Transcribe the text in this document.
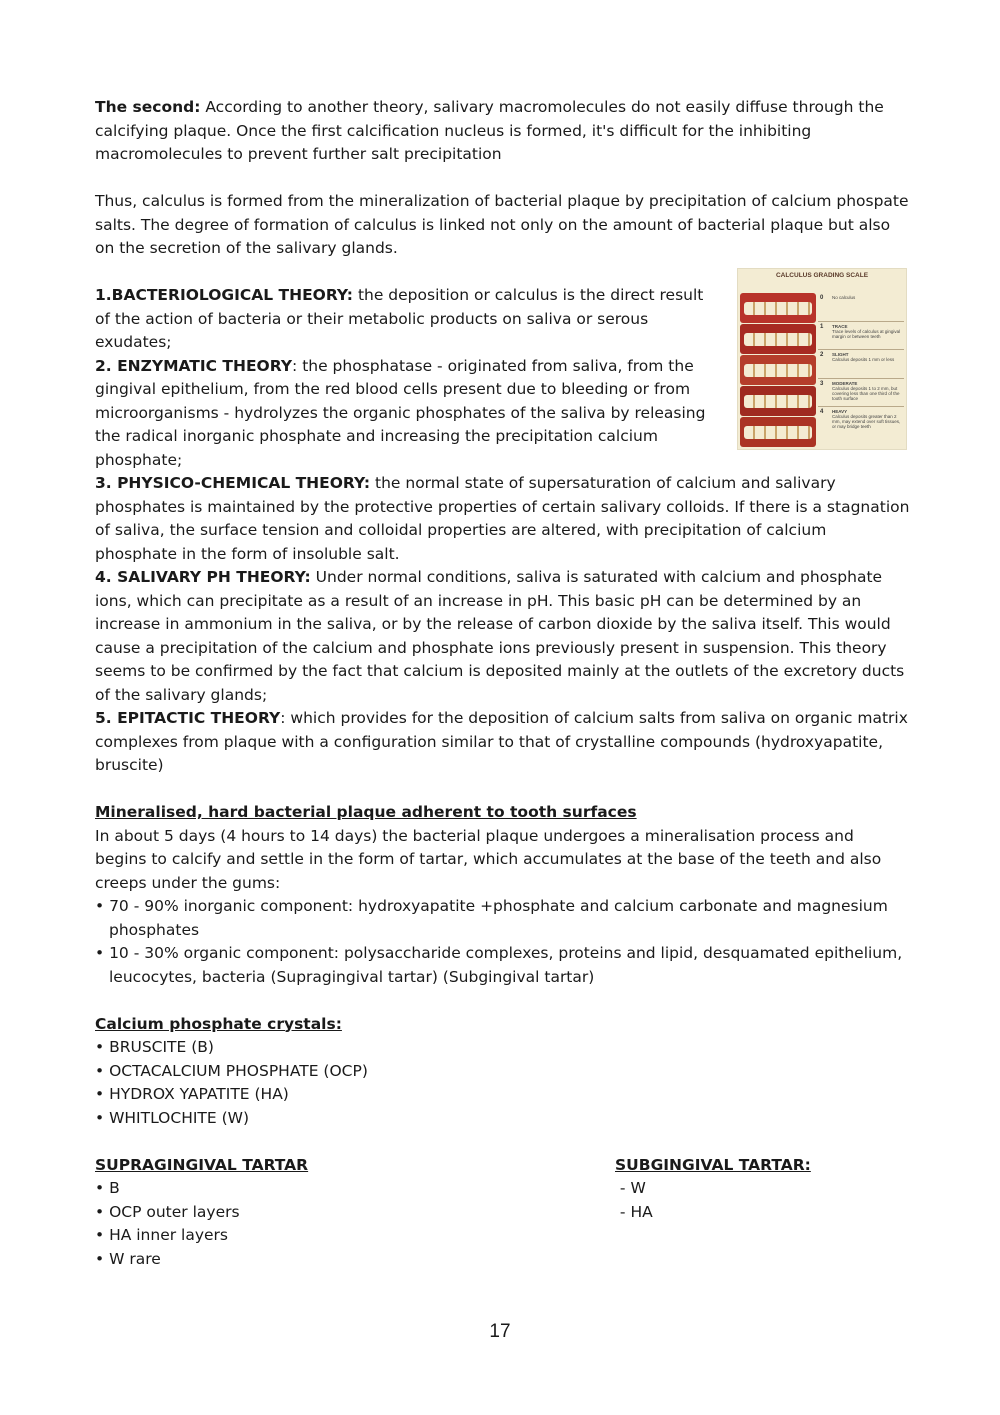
CALCULUS GRADING SCALE
0 No calculus
1 TRACE
Trace levels of calculus at gingival margin or between teeth
2 SLIGHT
Calculus deposits 1 mm or less
3 MODERATE
Calculus deposits 1 to 2 mm, but covering less than one third of the tooth surface
4 HEAVY
Calculus deposits greater than 2 mm, may extend over soft tissues, or may bridge teeth

The second: According to another theory, salivary macromolecules do not easily diffuse through the calcifying plaque. Once the first calcification nucleus is formed, it's difficult for the inhibiting macromolecules to prevent further salt precipitation

Thus, calculus is formed from the mineralization of bacterial plaque by precipitation of calcium phospate salts. The degree of formation of calculus is linked not only on the amount of bacterial plaque but also on the secretion of the salivary glands.

1.BACTERIOLOGICAL THEORY: the deposition or calculus is the direct result of the action of bacteria or their metabolic products on saliva or serous exudates;

2. ENZYMATIC THEORY: the phosphatase - originated from saliva, from the gingival epithelium, from the red blood cells present due to bleeding or from microorganisms - hydrolyzes the organic phosphates of the saliva by releasing the radical inorganic phosphate and increasing the precipitation calcium phosphate;

3. PHYSICO-CHEMICAL THEORY: the normal state of supersaturation of calcium and salivary phosphates is maintained by the protective properties of certain salivary colloids. If there is a stagnation of saliva, the surface tension and colloidal properties are altered, with precipitation of calcium phosphate in the form of insoluble salt.

4. SALIVARY PH THEORY: Under normal conditions, saliva is saturated with calcium and phosphate ions, which can precipitate as a result of an increase in pH. This basic pH can be determined by an increase in ammonium in the saliva, or by the release of carbon dioxide by the saliva itself. This would cause a precipitation of the calcium and phosphate ions previously present in suspension. This theory seems to be confirmed by the fact that calcium is deposited mainly at the outlets of the excretory ducts of the salivary glands;

5. EPITACTIC THEORY: which provides for the deposition of calcium salts from saliva on organic matrix complexes from plaque with a configuration similar to that of crystalline compounds (hydroxyapatite, bruscite)

Mineralised, hard bacterial plaque adherent to tooth surfaces

In about 5 days (4 hours to 14 days) the bacterial plaque undergoes a mineralisation process and begins to calcify and settle in the form of tartar, which accumulates at the base of the teeth and also creeps under the gums:

• 70 - 90% inorganic component: hydroxyapatite +phosphate and calcium carbonate and magnesium phosphates

• 10 - 30% organic component: polysaccharide complexes, proteins and lipid, desquamated epithelium, leucocytes, bacteria (Supragingival tartar) (Subgingival tartar)

Calcium phosphate crystals:

• BRUSCITE (B)

• OCTACALCIUM PHOSPHATE (OCP)

• HYDROX YAPATITE (HA)

• WHITLOCHITE (W)

SUPRAGINGIVAL TARTAR

• B

• OCP outer layers

• HA inner layers

• W rare

SUBGINGIVAL TARTAR:

- W

- HA

17
